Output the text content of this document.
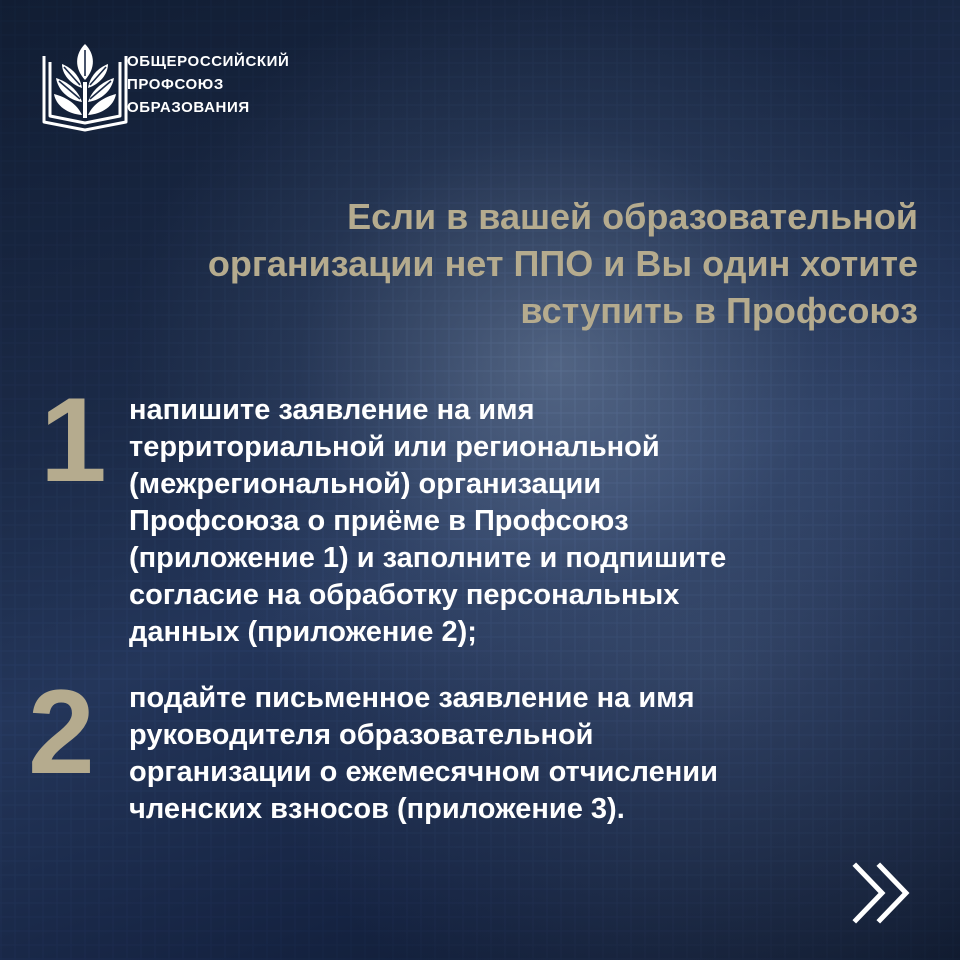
ОБЩЕРОССИЙСКИЙ
ПРОФСОЮЗ
ОБРАЗОВАНИЯ
Если в вашей образовательной
организации нет ППО и Вы один хотите
вступить в Профсоюз
1 напишите заявление на имя
территориальной или региональной
(межрегиональной) организации
Профсоюза о приёме в Профсоюз
(приложение 1) и заполните и подпишите
согласие на обработку персональных
данных (приложение 2);
2 подайте письменное заявление на имя
руководителя образовательной
организации о ежемесячном отчислении
членских взносов (приложение 3).
